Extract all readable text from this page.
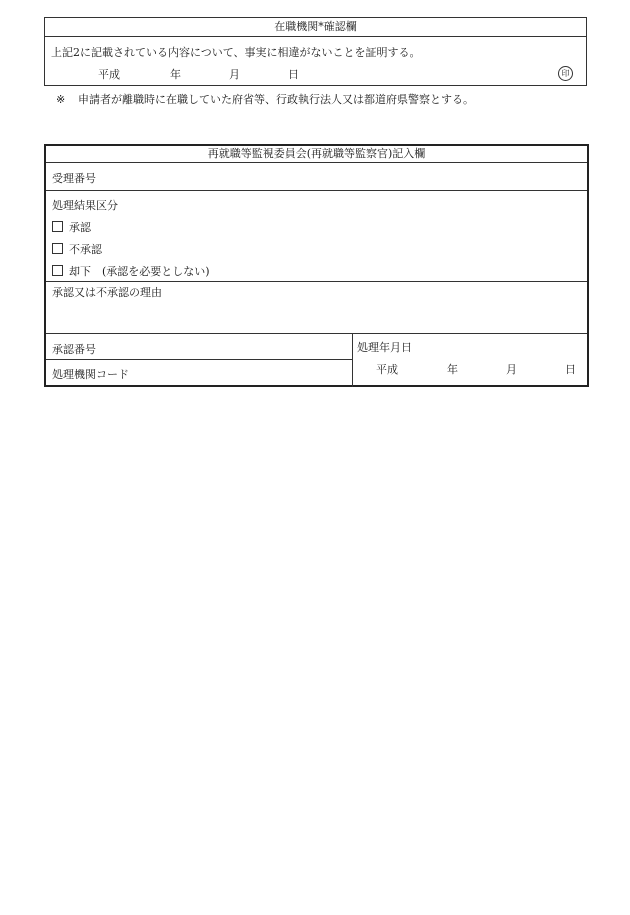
在職機関*確認欄
上記2に記載されている内容について、事実に相違がないことを証明する。
平成	年	月	日	印
※ 申請者が離職時に在職していた府省等、行政執行法人又は都道府県警察とする。
再就職等監視委員会(再就職等監察官)記入欄
受理番号
処理結果区分
承認
不承認
却下　(承認を必要としない)
承認又は不承認の理由
承認番号
処理機関コード
処理年月日
平成	年	月	日
